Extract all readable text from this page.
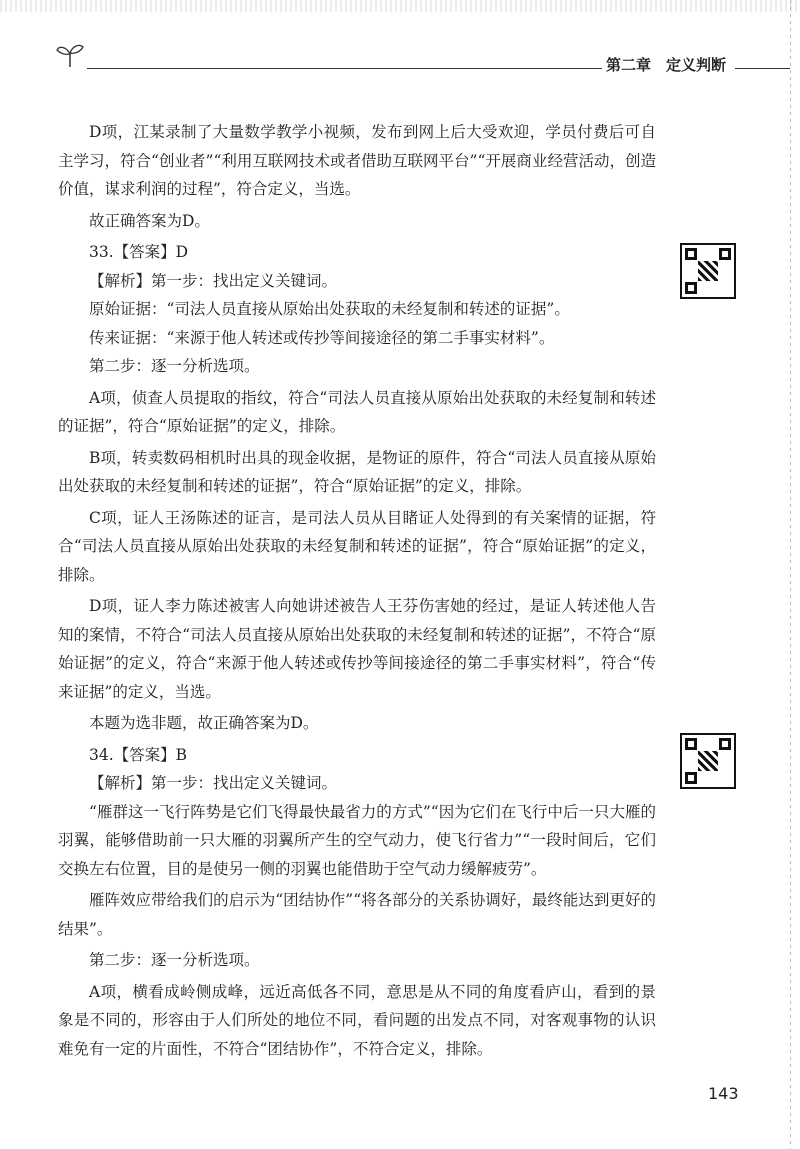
第二章　定义判断

D项，江某录制了大量数学教学小视频，发布到网上后大受欢迎，学员付费后可自主学习，符合“创业者”“利用互联网技术或者借助互联网平台”“开展商业经营活动，创造价值，谋求利润的过程”，符合定义，当选。

故正确答案为D。

33.【答案】D

【解析】第一步：找出定义关键词。

原始证据：“司法人员直接从原始出处获取的未经复制和转述的证据”。

传来证据：“来源于他人转述或传抄等间接途径的第二手事实材料”。

第二步：逐一分析选项。

A项，侦查人员提取的指纹，符合“司法人员直接从原始出处获取的未经复制和转述的证据”，符合“原始证据”的定义，排除。

B项，转卖数码相机时出具的现金收据，是物证的原件，符合“司法人员直接从原始出处获取的未经复制和转述的证据”，符合“原始证据”的定义，排除。

C项，证人王汤陈述的证言，是司法人员从目睹证人处得到的有关案情的证据，符合“司法人员直接从原始出处获取的未经复制和转述的证据”，符合“原始证据”的定义，排除。

D项，证人李力陈述被害人向她讲述被告人王芬伤害她的经过，是证人转述他人告知的案情，不符合“司法人员直接从原始出处获取的未经复制和转述的证据”，不符合“原始证据”的定义，符合“来源于他人转述或传抄等间接途径的第二手事实材料”，符合“传来证据”的定义，当选。

本题为选非题，故正确答案为D。

34.【答案】B

【解析】第一步：找出定义关键词。

“雁群这一飞行阵势是它们飞得最快最省力的方式”“因为它们在飞行中后一只大雁的羽翼，能够借助前一只大雁的羽翼所产生的空气动力，使飞行省力”“一段时间后，它们交换左右位置，目的是使另一侧的羽翼也能借助于空气动力缓解疲劳”。

雁阵效应带给我们的启示为“团结协作”“将各部分的关系协调好，最终能达到更好的结果”。

第二步：逐一分析选项。

A项，横看成岭侧成峰，远近高低各不同，意思是从不同的角度看庐山，看到的景象是不同的，形容由于人们所处的地位不同，看问题的出发点不同，对客观事物的认识难免有一定的片面性，不符合“团结协作”，不符合定义，排除。

143
